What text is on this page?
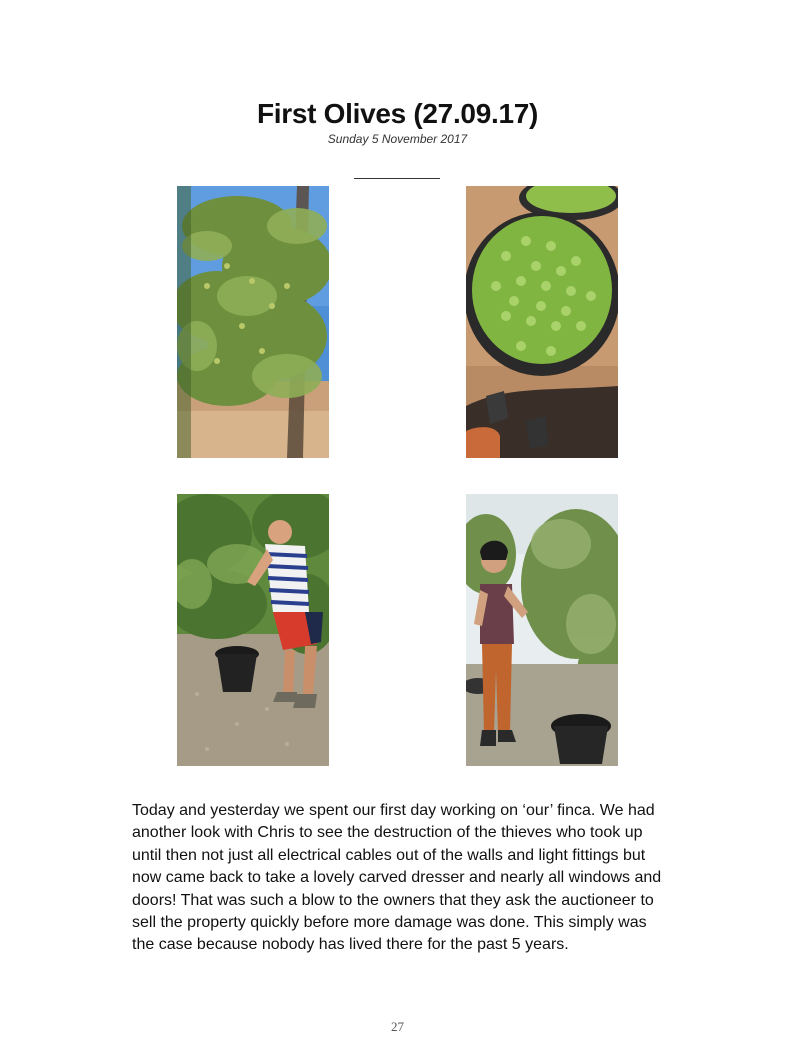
First Olives (27.09.17)
Sunday 5 November 2017
Today and yesterday we spent our first day working on ‘our’ finca. We had another look with Chris to see the destruction of the thieves who took up until then not just all electrical cables out of the walls and light fittings but now came back to take a lovely carved dresser and nearly all windows and doors! That was such a blow to the owners that they ask the auctioneer to sell the property quickly before more damage was done. This simply was the case because nobody has lived there for the past 5 years.
27
